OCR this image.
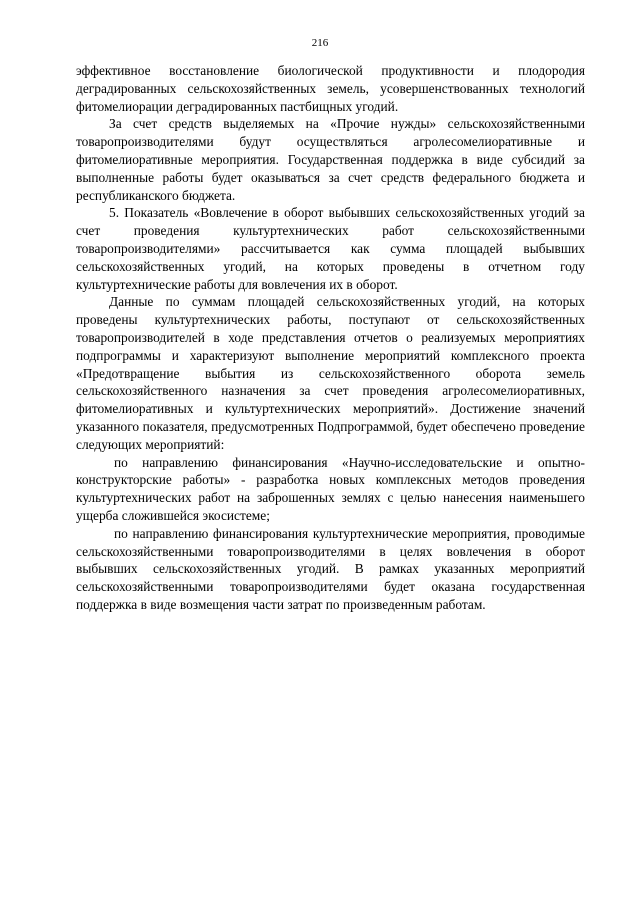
216

эффективное восстановление биологической продуктивности и плодородия деградированных сельскохозяйственных земель, усовершенствованных технологий фитомелиорации деградированных пастбищных угодий.

За счет средств выделяемых на «Прочие нужды» сельскохозяйственными товаропроизводителями будут осуществляться агролесомелиоративные и фитомелиоративные мероприятия. Государственная поддержка в виде субсидий за выполненные работы будет оказываться за счет средств федерального бюджета и республиканского бюджета.

5. Показатель «Вовлечение в оборот выбывших сельскохозяйственных угодий за счет проведения культуртехнических работ сельскохозяйственными товаропроизводителями» рассчитывается как сумма площадей выбывших сельскохозяйственных угодий, на которых проведены в отчетном году культуртехнические работы для вовлечения их в оборот.

Данные по суммам площадей сельскохозяйственных угодий, на которых проведены культуртехнических работы, поступают от сельскохозяйственных товаропроизводителей в ходе представления отчетов о реализуемых мероприятиях подпрограммы и характеризуют выполнение мероприятий комплексного проекта «Предотвращение выбытия из сельскохозяйственного оборота земель сельскохозяйственного назначения за счет проведения агролесомелиоративных, фитомелиоративных и культуртехнических мероприятий». Достижение значений указанного показателя, предусмотренных Подпрограммой, будет обеспечено проведение следующих мероприятий:

по направлению финансирования «Научно-исследовательские и опытно-конструкторские работы» - разработка новых комплексных методов проведения культуртехнических работ на заброшенных землях с целью нанесения наименьшего ущерба сложившейся экосистеме;

по направлению финансирования культуртехнические мероприятия, проводимые сельскохозяйственными товаропроизводителями в целях вовлечения в оборот выбывших сельскохозяйственных угодий. В рамках указанных мероприятий сельскохозяйственными товаропроизводителями будет оказана государственная поддержка в виде возмещения части затрат по произведенным работам.
